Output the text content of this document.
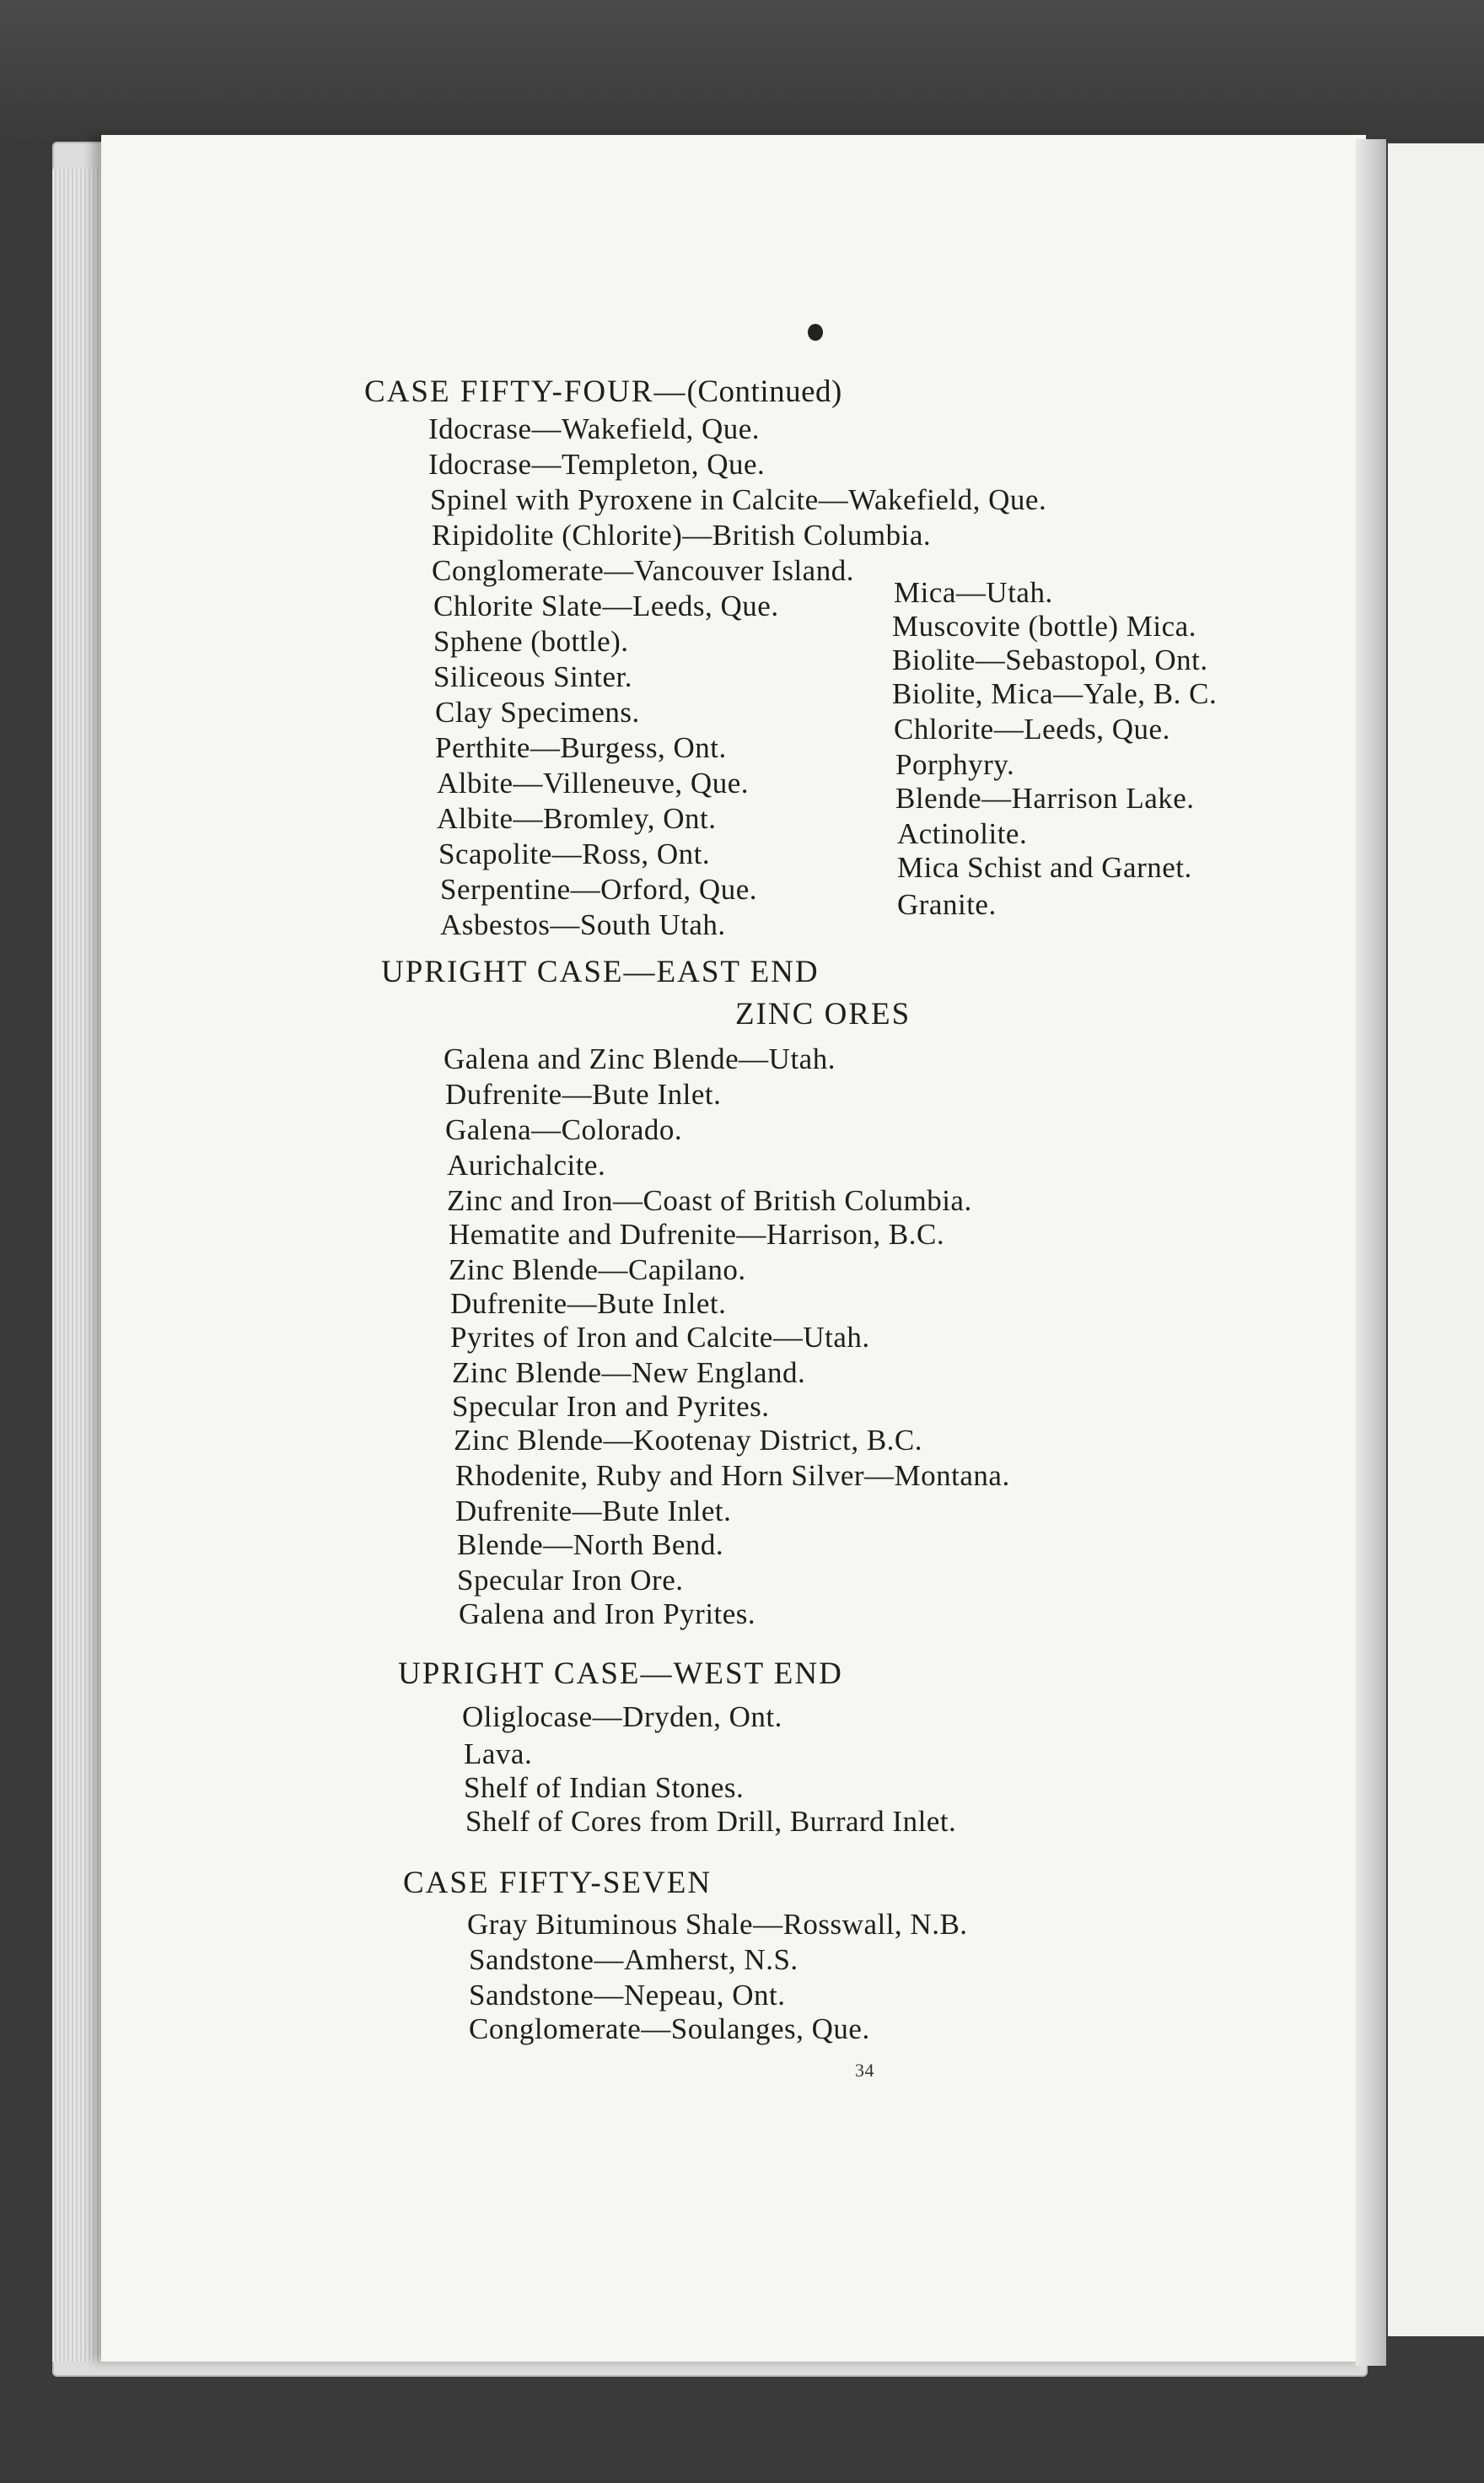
CASE FIFTY-FOUR—(Continued)
Idocrase—Wakefield, Que.
Idocrase—Templeton, Que.
Spinel with Pyroxene in Calcite—Wakefield, Que.
Ripidolite (Chlorite)—British Columbia.
Conglomerate—Vancouver Island.
Chlorite Slate—Leeds, Que.
Sphene (bottle).
Siliceous Sinter.
Clay Specimens.
Perthite—Burgess, Ont.
Albite—Villeneuve, Que.
Albite—Bromley, Ont.
Scapolite—Ross, Ont.
Serpentine—Orford, Que.
Asbestos—South Utah.
Mica—Utah.
Muscovite (bottle) Mica.
Biolite—Sebastopol, Ont.
Biolite, Mica—Yale, B. C.
Chlorite—Leeds, Que.
Porphyry.
Blende—Harrison Lake.
Actinolite.
Mica Schist and Garnet.
Granite.
UPRIGHT CASE—EAST END
ZINC ORES
Galena and Zinc Blende—Utah.
Dufrenite—Bute Inlet.
Galena—Colorado.
Aurichalcite.
Zinc and Iron—Coast of British Columbia.
Hematite and Dufrenite—Harrison, B.C.
Zinc Blende—Capilano.
Dufrenite—Bute Inlet.
Pyrites of Iron and Calcite—Utah.
Zinc Blende—New England.
Specular Iron and Pyrites.
Zinc Blende—Kootenay District, B.C.
Rhodenite, Ruby and Horn Silver—Montana.
Dufrenite—Bute Inlet.
Blende—North Bend.
Specular Iron Ore.
Galena and Iron Pyrites.
UPRIGHT CASE—WEST END
Oliglocase—Dryden, Ont.
Lava.
Shelf of Indian Stones.
Shelf of Cores from Drill, Burrard Inlet.
CASE FIFTY-SEVEN
Gray Bituminous Shale—Rosswall, N.B.
Sandstone—Amherst, N.S.
Sandstone—Nepeau, Ont.
Conglomerate—Soulanges, Que.
34
